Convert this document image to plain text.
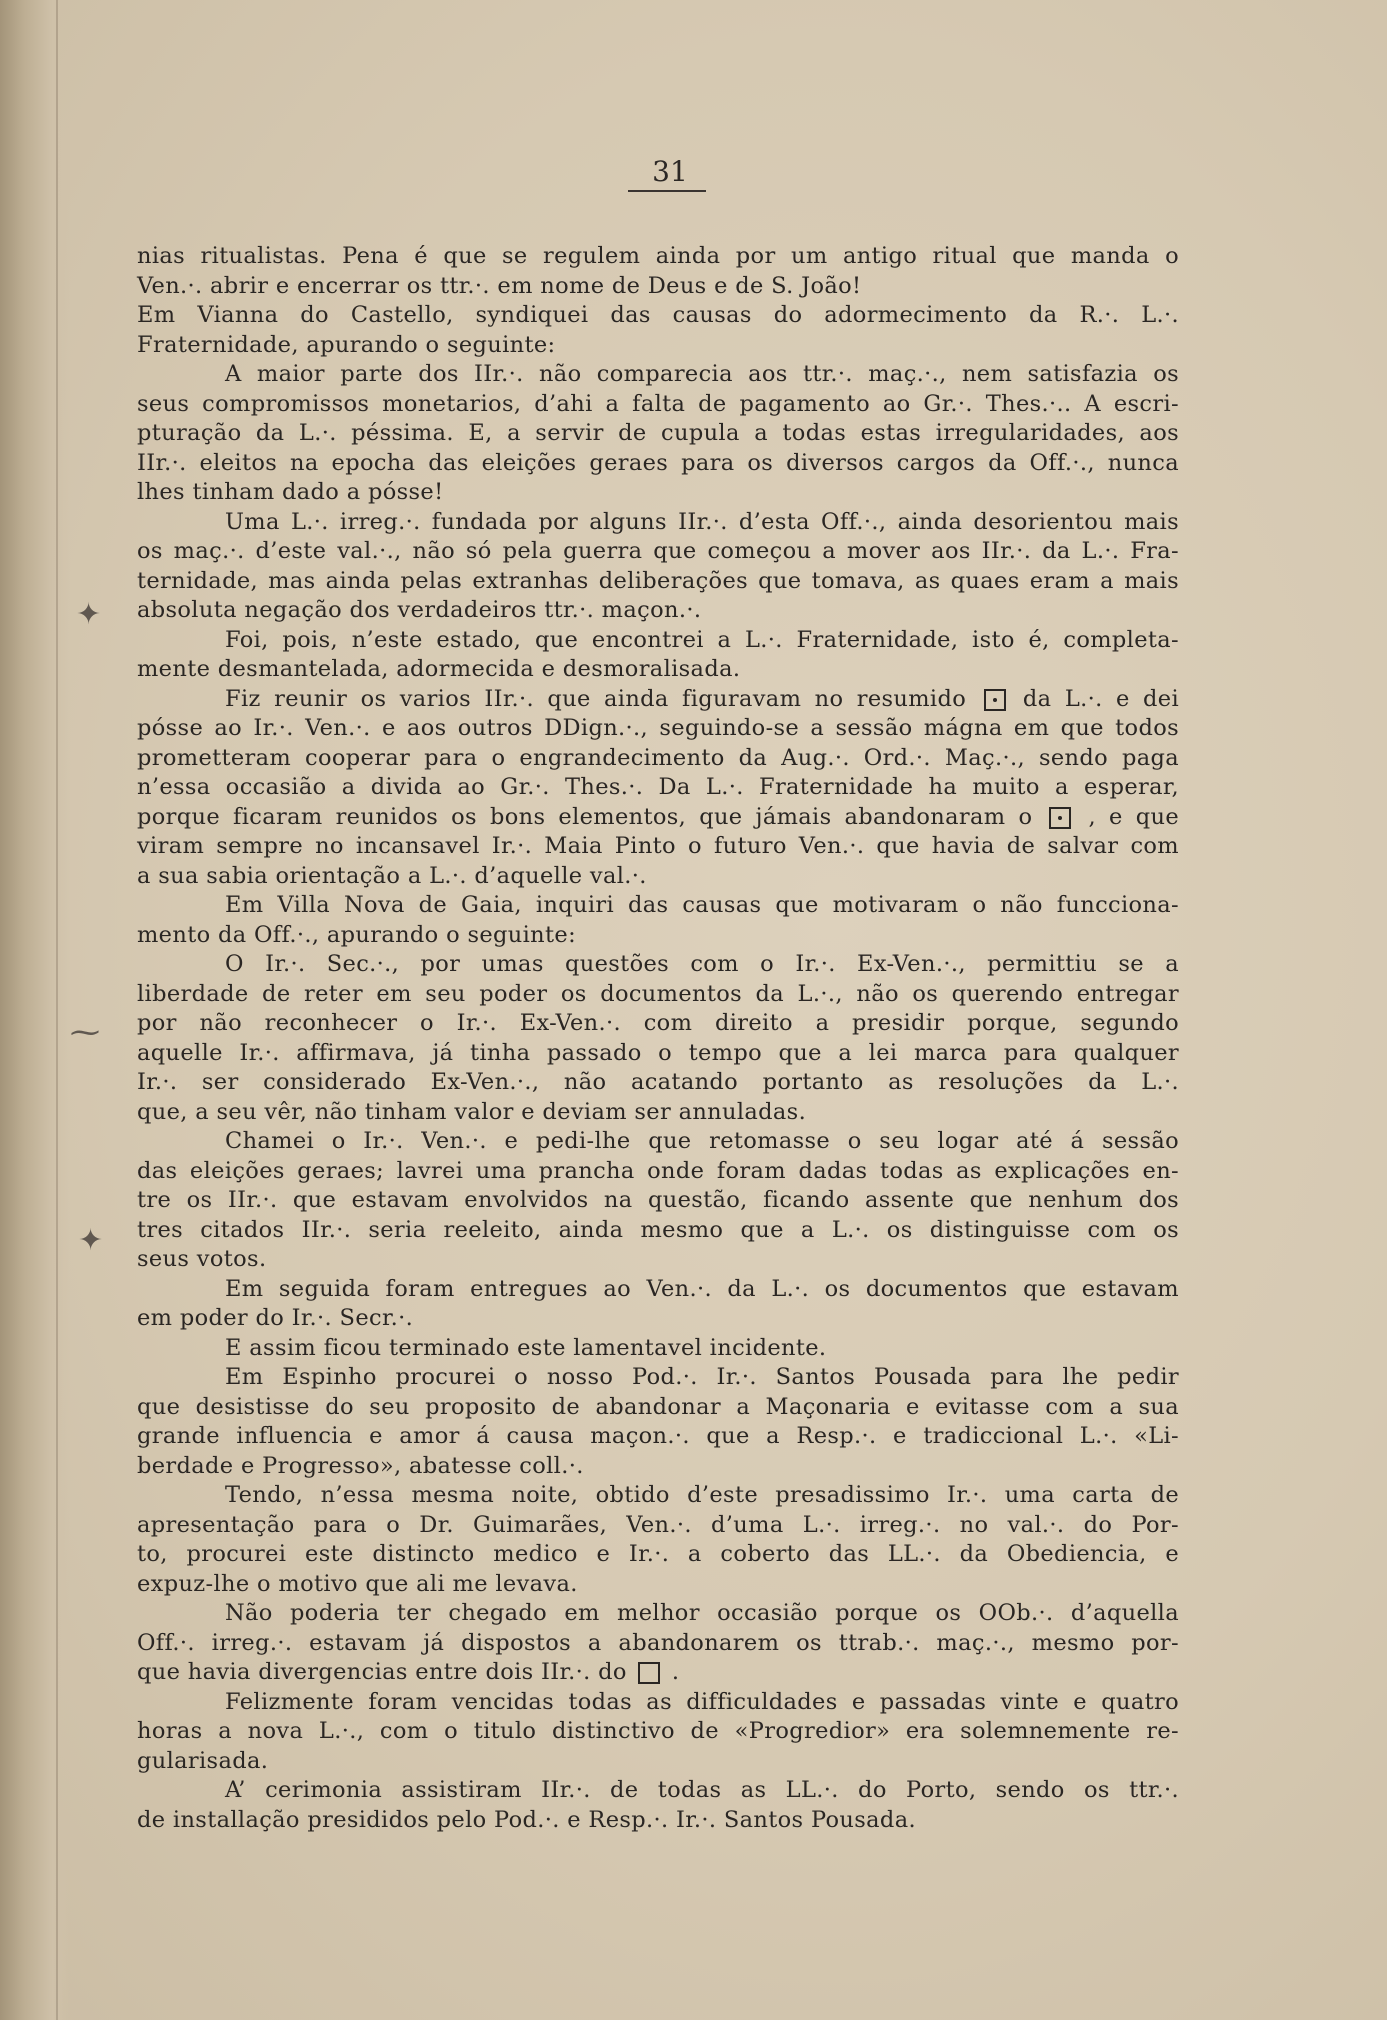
✦
⁓
✦
31
nias ritualistas. Pena é que se regulem ainda por um antigo ritual que manda o
Ven.·. abrir e encerrar os ttr.·. em nome de Deus e de S. João!
Em Vianna do Castello, syndiquei das causas do adormecimento da R.·. L.·.
Fraternidade, apurando o seguinte:
A maior parte dos IIr.·. não comparecia aos ttr.·. maç.·., nem satisfazia os
seus compromissos monetarios, d’ahi a falta de pagamento ao Gr.·. Thes.·.. A escri-
pturação da L.·. péssima. E, a servir de cupula a todas estas irregularidades, aos
IIr.·. eleitos na epocha das eleições geraes para os diversos cargos da Off.·., nunca
lhes tinham dado a pósse!
Uma L.·. irreg.·. fundada por alguns IIr.·. d’esta Off.·., ainda desorientou mais
os maç.·. d’este val.·., não só pela guerra que começou a mover aos IIr.·. da L.·. Fra-
ternidade, mas ainda pelas extranhas deliberações que tomava, as quaes eram a mais
absoluta negação dos verdadeiros ttr.·. maçon.·.
Foi, pois, n’este estado, que encontrei a L.·. Fraternidade, isto é, completa-
mente desmantelada, adormecida e desmoralisada.
Fiz reunir os varios IIr.·. que ainda figuravam no resumido	da L.·. e dei
pósse ao Ir.·. Ven.·. e aos outros DDign.·., seguindo-se a sessão mágna em que todos
prometteram cooperar para o engrandecimento da Aug.·. Ord.·. Maç.·., sendo paga
n’essa occasião a divida ao Gr.·. Thes.·. Da L.·. Fraternidade ha muito a esperar,
porque ficaram reunidos os bons elementos, que jámais abandonaram o , e que
viram sempre no incansavel Ir.·. Maia Pinto o futuro Ven.·. que havia de salvar com
a sua sabia orientação a L.·. d’aquelle val.·.
Em Villa Nova de Gaia, inquiri das causas que motivaram o não funcciona-
mento da Off.·., apurando o seguinte:
O Ir.·. Sec.·., por umas questões com o Ir.·. Ex-Ven.·., permittiu se a
liberdade de reter em seu poder os documentos da L.·., não os querendo entregar
por não reconhecer o Ir.·. Ex-Ven.·. com direito a presidir porque, segundo
aquelle Ir.·. affirmava, já tinha passado o tempo que a lei marca para qualquer
Ir.·. ser considerado Ex-Ven.·., não acatando portanto as resoluções da L.·.
que, a seu vêr, não tinham valor e deviam ser annuladas.
Chamei o Ir.·. Ven.·. e pedi-lhe que retomasse o seu logar até á sessão
das eleições geraes; lavrei uma prancha onde foram dadas todas as explicações en-
tre os IIr.·. que estavam envolvidos na questão, ficando assente que nenhum dos
tres citados IIr.·. seria reeleito, ainda mesmo que a L.·. os distinguisse com os
seus votos.
Em seguida foram entregues ao Ven.·. da L.·. os documentos que estavam
em poder do Ir.·. Secr.·.
E assim ficou terminado este lamentavel incidente.
Em Espinho procurei o nosso Pod.·. Ir.·. Santos Pousada para lhe pedir
que desistisse do seu proposito de abandonar a Maçonaria e evitasse com a sua
grande influencia e amor á causa maçon.·. que a Resp.·. e tradiccional L.·. «Li-
berdade e Progresso», abatesse coll.·.
Tendo, n’essa mesma noite, obtido d’este presadissimo Ir.·. uma carta de
apresentação para o Dr. Guimarães, Ven.·. d’uma L.·. irreg.·. no val.·. do Por-
to, procurei este distincto medico e Ir.·. a coberto das LL.·. da Obediencia, e
expuz-lhe o motivo que ali me levava.
Não poderia ter chegado em melhor occasião porque os OOb.·. d’aquella
Off.·. irreg.·. estavam já dispostos a abandonarem os ttrab.·. maç.·., mesmo por-
que havia divergencias entre dois IIr.·. do .
Felizmente foram vencidas todas as difficuldades e passadas vinte e quatro
horas a nova L.·., com o titulo distinctivo de «Progredior» era solemnemente re-
gularisada.
A’ cerimonia assistiram IIr.·. de todas as LL.·. do Porto, sendo os ttr.·.
de installação presididos pelo Pod.·. e Resp.·. Ir.·. Santos Pousada.
